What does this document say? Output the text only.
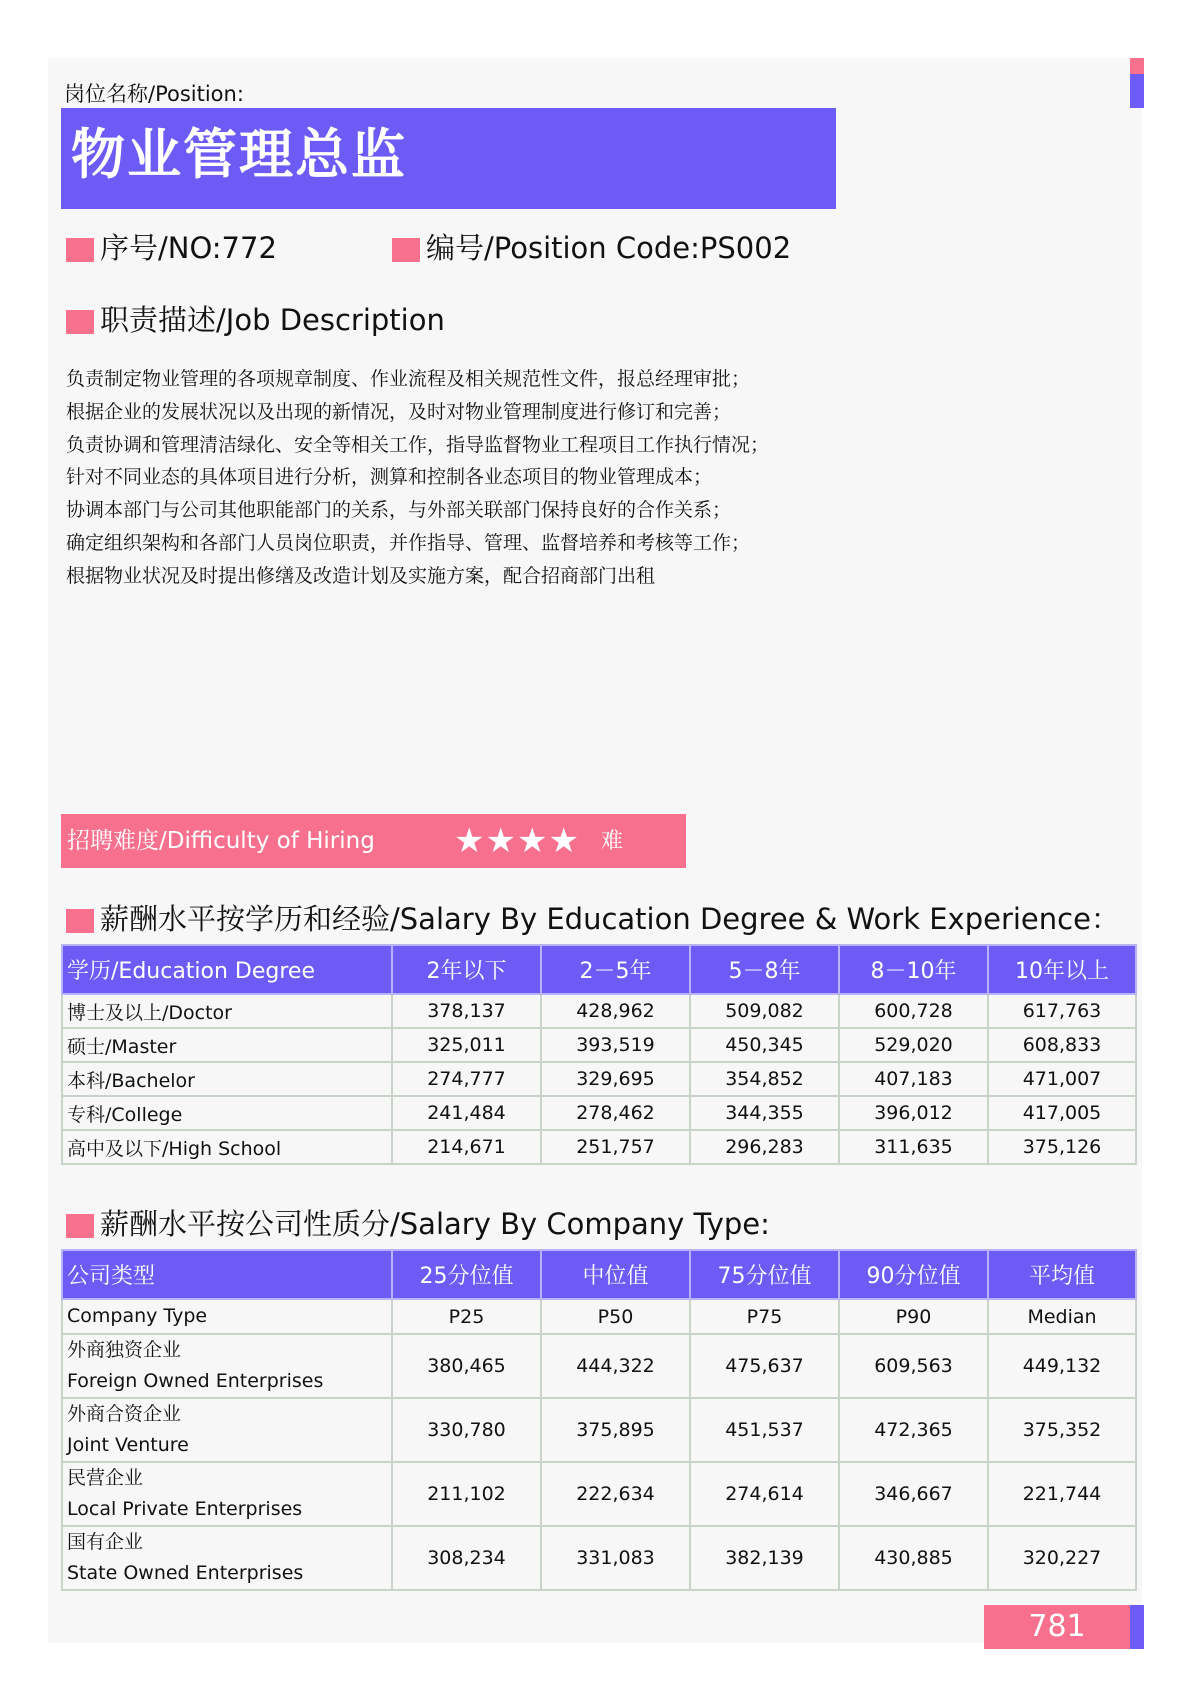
岗位名称/Position:
物业管理总监
序号/NO:772	编号/Position Code:PS002
职责描述/Job Description
负责制定物业管理的各项规章制度、作业流程及相关规范性文件，报总经理审批；
根据企业的发展状况以及出现的新情况，及时对物业管理制度进行修订和完善；
负责协调和管理清洁绿化、安全等相关工作，指导监督物业工程项目工作执行情况；
针对不同业态的具体项目进行分析，测算和控制各业态项目的物业管理成本；
协调本部门与公司其他职能部门的关系，与外部关联部门保持良好的合作关系；
确定组织架构和各部门人员岗位职责，并作指导、管理、监督培养和考核等工作；
根据物业状况及时提出修缮及改造计划及实施方案，配合招商部门出租
招聘难度/Difficulty of Hiring ★★★★ 难
薪酬水平按学历和经验/Salary By Education Degree & Work Experience：
学历/Education Degree	2年以下	2－5年	5－8年	8－10年	10年以上
博士及以上/Doctor	378,137	428,962	509,082	600,728	617,763
硕士/Master	325,011	393,519	450,345	529,020	608,833
本科/Bachelor	274,777	329,695	354,852	407,183	471,007
专科/College	241,484	278,462	344,355	396,012	417,005
高中及以下/High School	214,671	251,757	296,283	311,635	375,126
薪酬水平按公司性质分/Salary By Company Type:
公司类型	25分位值	中位值	75分位值	90分位值	平均值
Company Type	P25	P50	P75	P90	Median

外商独资企业
Foreign Owned Enterprises	380,465	444,322	475,637	609,563	449,132

外商合资企业
Joint Venture	330,780	375,895	451,537	472,365	375,352

民营企业
Local Private Enterprises	211,102	222,634	274,614	346,667	221,744

国有企业
State Owned Enterprises	308,234	331,083	382,139	430,885	320,227
781
